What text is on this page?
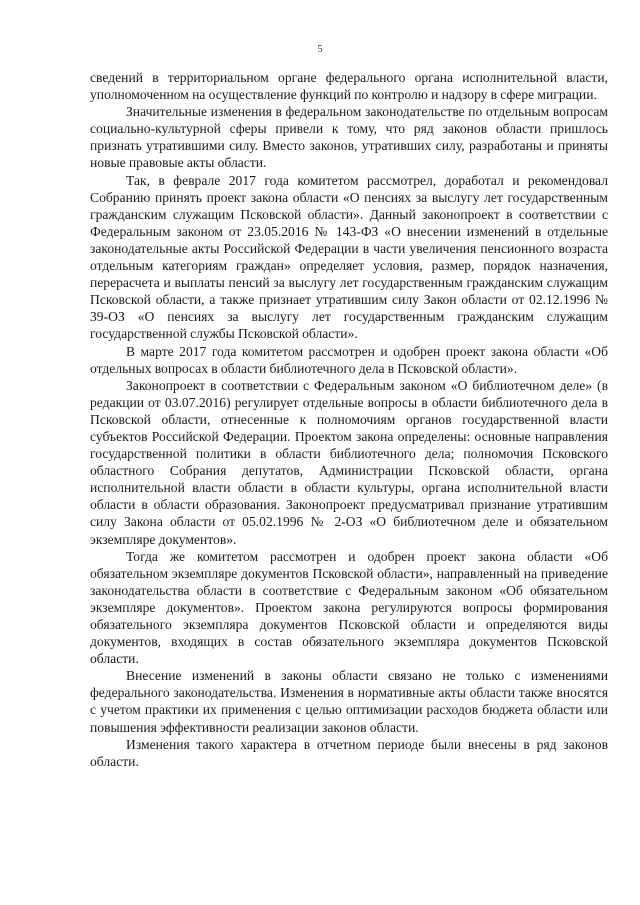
5

сведений в территориальном органе федерального органа исполнительной власти, уполномоченном на осуществление функций по контролю и надзору в сфере миграции.

Значительные изменения в федеральном законодательстве по отдельным вопросам социально-культурной сферы привели к тому, что ряд законов области пришлось признать утратившими силу. Вместо законов, утративших силу, разработаны и приняты новые правовые акты области.

Так, в феврале 2017 года комитетом рассмотрел, доработал и рекомендовал Собранию принять проект закона области «О пенсиях за выслугу лет государственным гражданским служащим Псковской области». Данный законопроект в соответствии с Федеральным законом от 23.05.2016 № 143-ФЗ «О внесении изменений в отдельные законодательные акты Российской Федерации в части увеличения пенсионного возраста отдельным категориям граждан» определяет условия, размер, порядок назначения, перерасчета и выплаты пенсий за выслугу лет государственным гражданским служащим Псковской области, а также признает утратившим силу Закон области от 02.12.1996 № 39-ОЗ «О пенсиях за выслугу лет государственным гражданским служащим государственной службы Псковской области».

В марте 2017 года комитетом рассмотрен и одобрен проект закона области «Об отдельных вопросах в области библиотечного дела в Псковской области».

Законопроект в соответствии с Федеральным законом «О библиотечном деле» (в редакции от 03.07.2016) регулирует отдельные вопросы в области библиотечного дела в Псковской области, отнесенные к полномочиям органов государственной власти субъектов Российской Федерации. Проектом закона определены: основные направления государственной политики в области библиотечного дела; полномочия Псковского областного Собрания депутатов, Администрации Псковской области, органа исполнительной власти области в области культуры, органа исполнительной власти области в области образования. Законопроект предусматривал признание утратившим силу Закона области от 05.02.1996 № 2-ОЗ «О библиотечном деле и обязательном экземпляре документов».

Тогда же комитетом рассмотрен и одобрен проект закона области «Об обязательном экземпляре документов Псковской области», направленный на приведение законодательства области в соответствие с Федеральным законом «Об обязательном экземпляре документов». Проектом закона регулируются вопросы формирования обязательного экземпляра документов Псковской области и определяются виды документов, входящих в состав обязательного экземпляра документов Псковской области.

Внесение изменений в законы области связано не только с изменениями федерального законодательства. Изменения в нормативные акты области также вносятся с учетом практики их применения с целью оптимизации расходов бюджета области или повышения эффективности реализации законов области.

Изменения такого характера в отчетном периоде были внесены в ряд законов области.
